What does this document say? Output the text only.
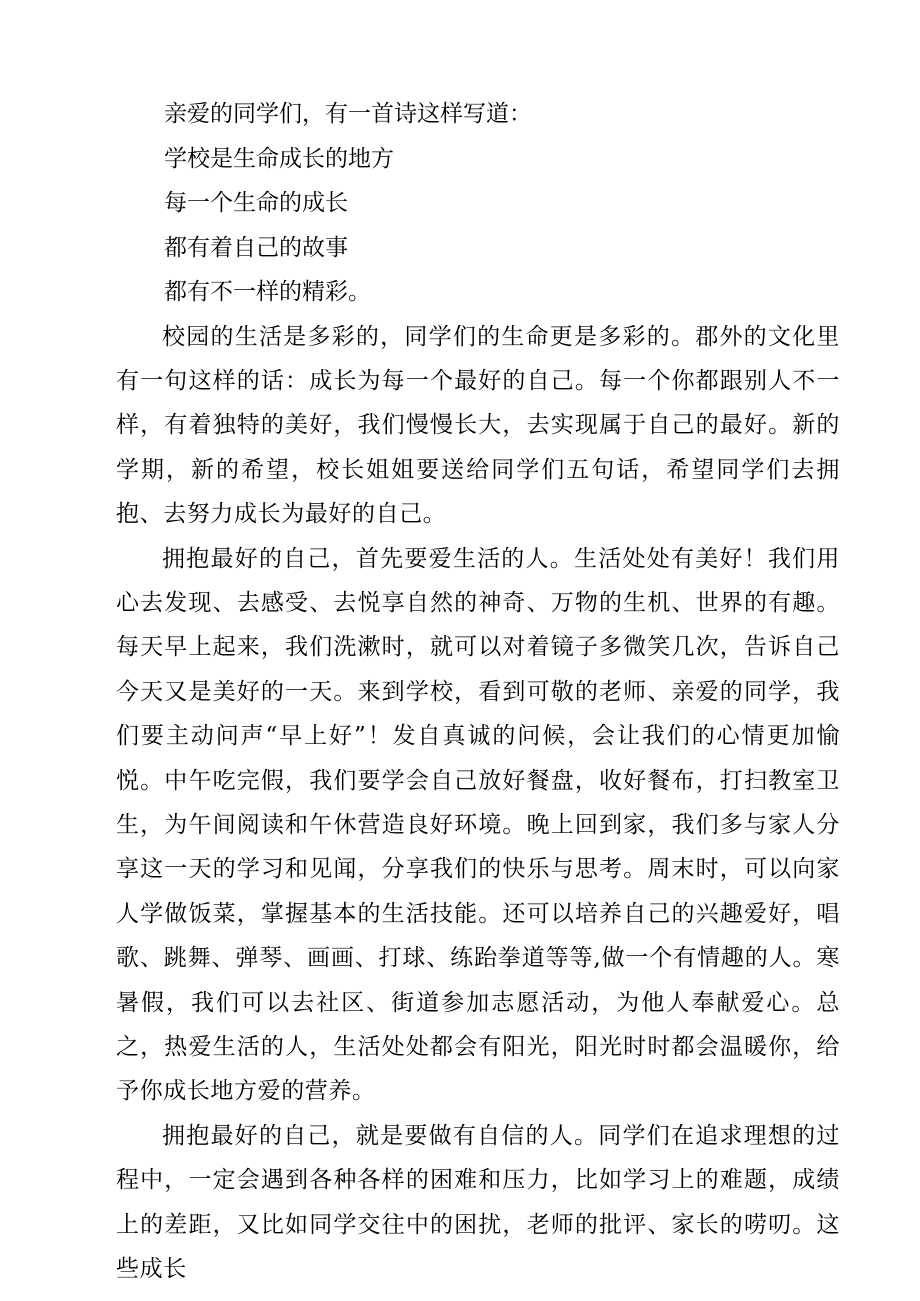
亲爱的同学们，有一首诗这样写道：

学校是生命成长的地方

每一个生命的成长

都有着自己的故事

都有不一样的精彩。

校园的生活是多彩的，同学们的生命更是多彩的。郡外的文化里有一句这样的话：成长为每一个最好的自己。每一个你都跟别人不一样，有着独特的美好，我们慢慢长大，去实现属于自己的最好。新的学期，新的希望，校长姐姐要送给同学们五句话，希望同学们去拥抱、去努力成长为最好的自己。

拥抱最好的自己，首先要爱生活的人。生活处处有美好！我们用心去发现、去感受、去悦享自然的神奇、万物的生机、世界的有趣。每天早上起来，我们洗漱时，就可以对着镜子多微笑几次，告诉自己今天又是美好的一天。来到学校，看到可敬的老师、亲爱的同学，我们要主动问声“早上好”！发自真诚的问候，会让我们的心情更加愉悦。中午吃完假，我们要学会自己放好餐盘，收好餐布，打扫教室卫生，为午间阅读和午休营造良好环境。晚上回到家，我们多与家人分享这一天的学习和见闻，分享我们的快乐与思考。周末时，可以向家人学做饭菜，掌握基本的生活技能。还可以培养自己的兴趣爱好，唱歌、跳舞、弹琴、画画、打球、练跆拳道等等,做一个有情趣的人。寒暑假，我们可以去社区、街道参加志愿活动，为他人奉献爱心。总之，热爱生活的人，生活处处都会有阳光，阳光时时都会温暖你，给予你成长地方爱的营养。

拥抱最好的自己，就是要做有自信的人。同学们在追求理想的过程中，一定会遇到各种各样的困难和压力，比如学习上的难题，成绩上的差距，又比如同学交往中的困扰，老师的批评、家长的唠叨。这些成长
